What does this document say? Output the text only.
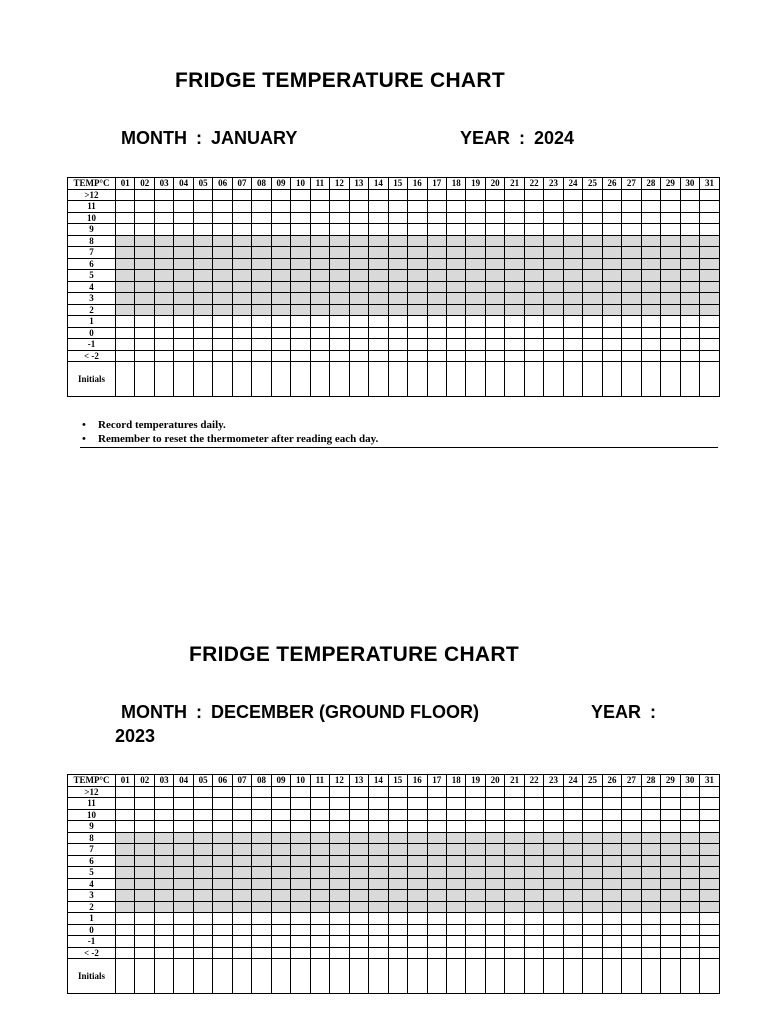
FRIDGE TEMPERATURE CHART
MONTH : JANUARY	YEAR : 2024
TEMP°C	01	02	03	04	05	06	07	08	09	10	11	12	13	14	15	16	17	18	19	20	21	22	23	24	25	26	27	28	29	30	31
>12																															
11																															
10																															
9																															
8																															
7																															
6																															
5																															
4																															
3																															
2																															
1																															
0																															
-1																															
< -2																															
Initials																															
• Record temperatures daily.
• Remember to reset the thermometer after reading each day.
FRIDGE TEMPERATURE CHART
MONTH : DECEMBER (GROUND FLOOR)	YEAR :
2023
TEMP°C	01	02	03	04	05	06	07	08	09	10	11	12	13	14	15	16	17	18	19	20	21	22	23	24	25	26	27	28	29	30	31
>12																															
11																															
10																															
9																															
8																															
7																															
6																															
5																															
4																															
3																															
2																															
1																															
0																															
-1																															
< -2																															
Initials																															
